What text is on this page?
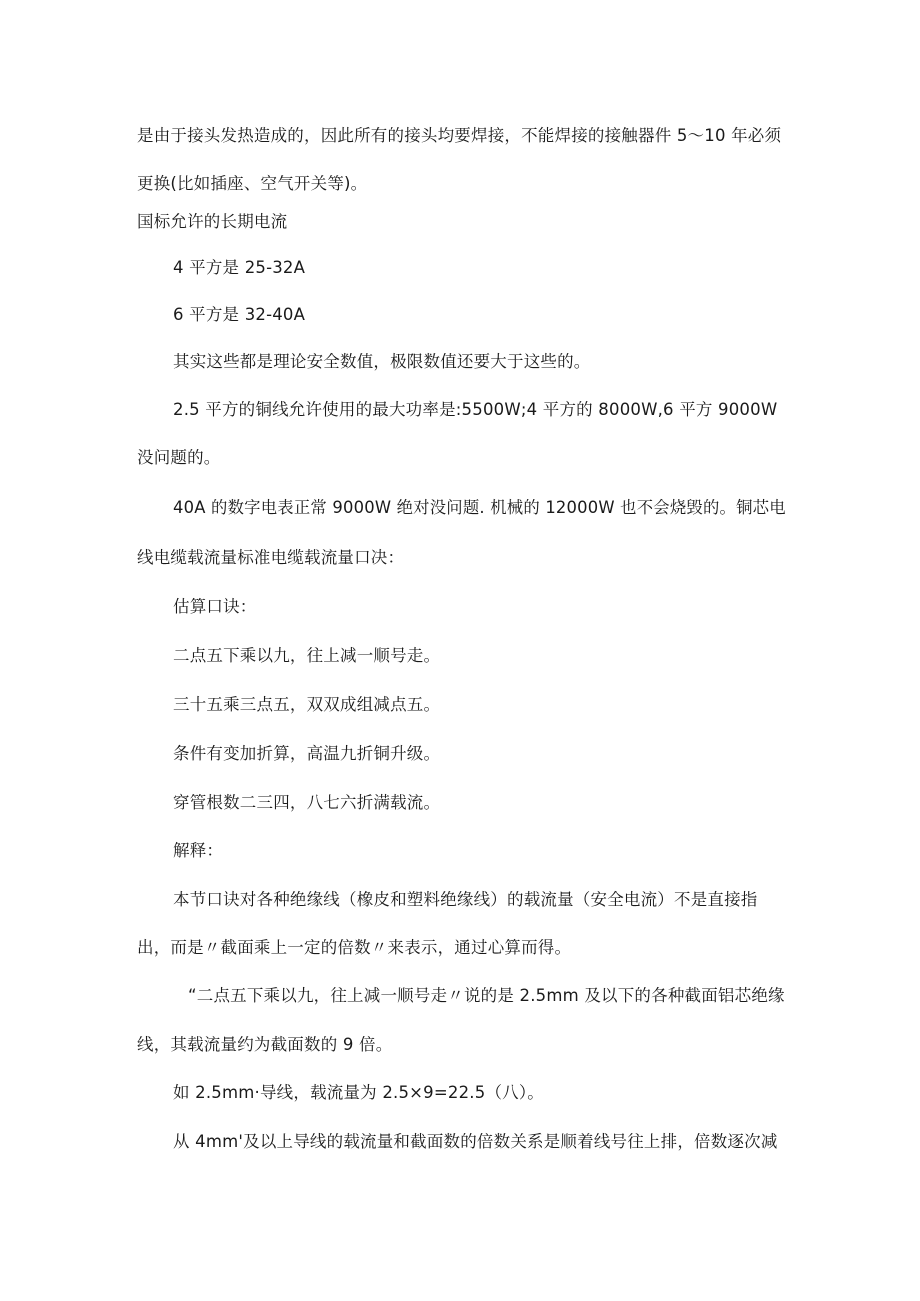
是由于接头发热造成的，因此所有的接头均要焊接，不能焊接的接触器件 5～10 年必须
更换(比如插座、空气开关等)。
国标允许的长期电流
4 平方是 25-32A
6 平方是 32-40A
其实这些都是理论安全数值，极限数值还要大于这些的。
2.5 平方的铜线允许使用的最大功率是:5500W;4 平方的 8000W,6 平方 9000W
没问题的。
40A 的数字电表正常 9000W 绝对没问题. 机械的 12000W 也不会烧毁的。铜芯电
线电缆载流量标准电缆载流量口决：
估算口诀：
二点五下乘以九，往上减一顺号走。
三十五乘三点五，双双成组减点五。
条件有变加折算，高温九折铜升级。
穿管根数二三四，八七六折满载流。
解释：
本节口诀对各种绝缘线（橡皮和塑料绝缘线）的载流量（安全电流）不是直接指
出，而是〃截面乘上一定的倍数〃来表示，通过心算而得。
“二点五下乘以九，往上减一顺号走〃说的是 2.5mm 及以下的各种截面铝芯绝缘
线，其载流量约为截面数的 9 倍。
如 2.5mm·导线，载流量为 2.5×9=22.5（八）。
从 4mm'及以上导线的载流量和截面数的倍数关系是顺着线号往上排，倍数逐次减
